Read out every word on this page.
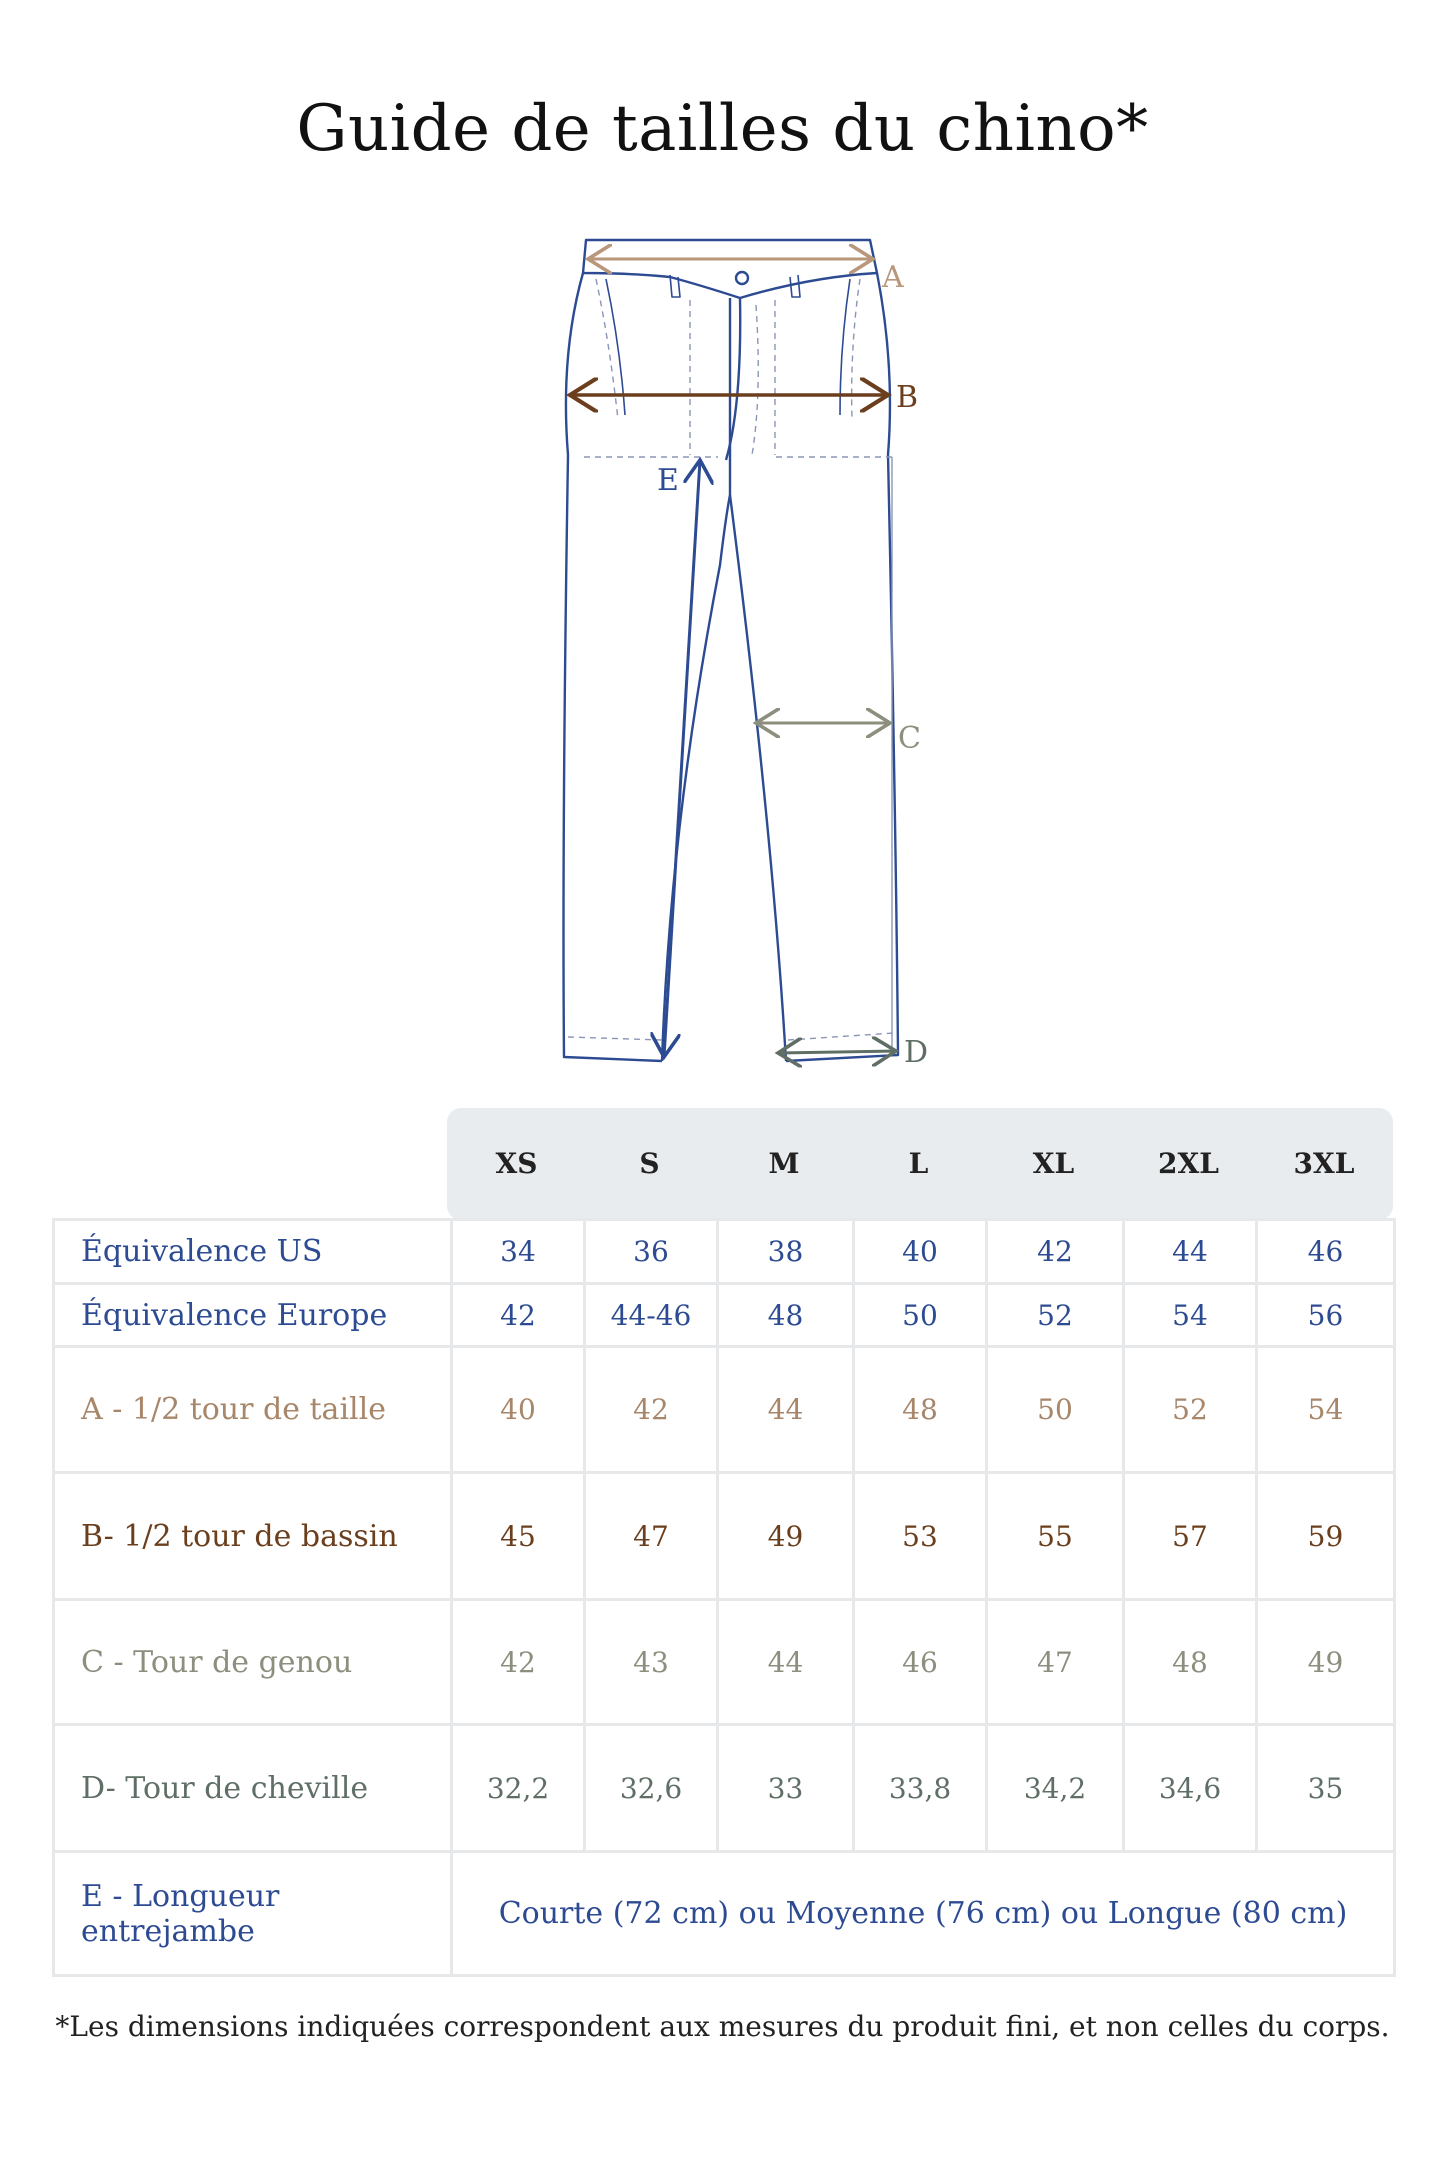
Guide de tailles du chino*
A
B
C
D
E
XS	S	M	L	XL	2XL	3XL
Équivalence US	34	36	38	40	42	44	46
Équivalence Europe	42	44-46	48	50	52	54	56
A - 1/2 tour de taille	40	42	44	48	50	52	54
B- 1/2 tour de bassin	45	47	49	53	55	57	59
C - Tour de genou	42	43	44	46	47	48	49
D- Tour de cheville	32,2	32,6	33	33,8	34,2	34,6	35

E - Longueur
entrejambe	Courte (72 cm) ou Moyenne (76 cm) ou Longue (80 cm)						
*Les dimensions indiquées correspondent aux mesures du produit fini, et non celles du corps.
